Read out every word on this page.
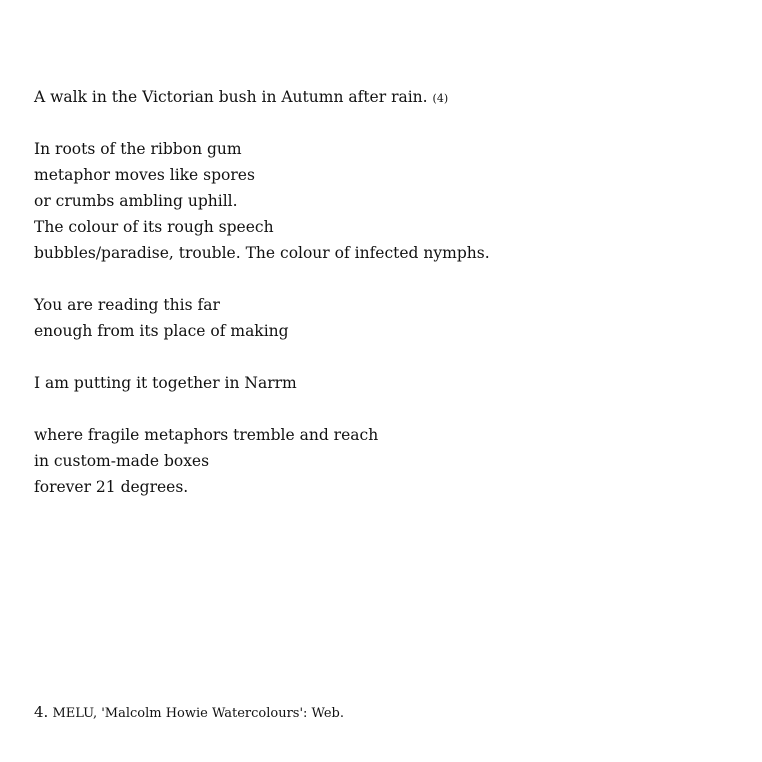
A walk in the Victorian bush in Autumn after rain. (4)
In roots of the ribbon gum
metaphor moves like spores
or crumbs ambling uphill.
The colour of its rough speech
bubbles/paradise, trouble. The colour of infected nymphs.
You are reading this far
enough from its place of making
I am putting it together in Narrm
where fragile metaphors tremble and reach
in custom-made boxes
forever 21 degrees.
4. MELU, 'Malcolm Howie Watercolours': Web.
